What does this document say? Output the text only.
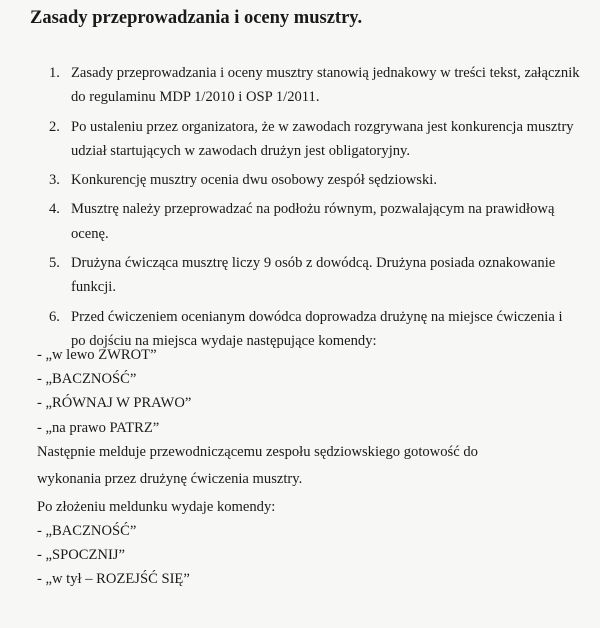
Zasady przeprowadzania i oceny musztry.
1. Zasady przeprowadzania i oceny musztry stanowią jednakowy w treści tekst, załącznik do regulaminu MDP 1/2010 i OSP 1/2011.
2. Po ustaleniu przez organizatora, że w zawodach rozgrywana jest konkurencja musztry udział startujących w zawodach drużyn jest obligatoryjny.
3. Konkurencję musztry ocenia dwu osobowy zespół sędziowski.
4. Musztrę należy przeprowadzać na podłożu równym, pozwalającym na prawidłową ocenę.
5. Drużyna ćwicząca musztrę liczy 9 osób z dowódcą. Drużyna posiada oznakowanie funkcji.
6. Przed ćwiczeniem ocenianym dowódca doprowadza drużynę na miejsce ćwiczenia i po dojściu na miejsca wydaje następujące komendy:
- „w lewo ZWROT”
- „BACZNOŚĆ”
- „RÓWNAJ W PRAWO”
- „na prawo PATRZ”
Następnie melduje przewodniczącemu zespołu sędziowskiego gotowość do
wykonania przez drużynę ćwiczenia musztry.
Po złożeniu meldunku wydaje komendy:
- „BACZNOŚĆ”
- „SPOCZNIJ”
- „w tył – ROZEJŚĆ SIĘ”
